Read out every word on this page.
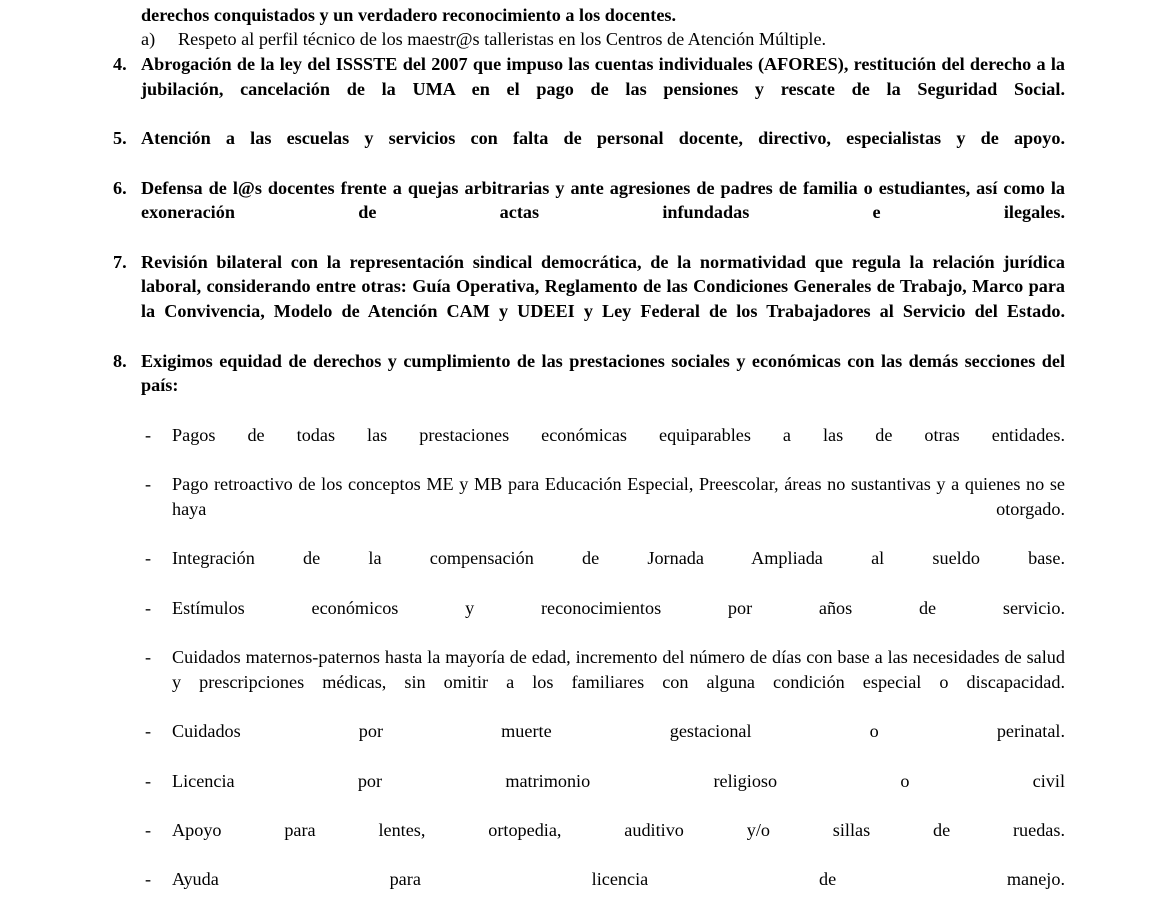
derechos conquistados y un verdadero reconocimiento a los docentes.
a)	Respeto al perfil técnico de los maestr@s talleristas en los Centros de Atención Múltiple.
4. Abrogación de la ley del ISSSTE del 2007 que impuso las cuentas individuales (AFORES), restitución del derecho a la jubilación, cancelación de la UMA en el pago de las pensiones y rescate de la Seguridad Social.
5. Atención a las escuelas y servicios con falta de personal docente, directivo, especialistas y de apoyo.
6. Defensa de l@s docentes frente a quejas arbitrarias y ante agresiones de padres de familia o estudiantes, así como la exoneración de actas infundadas e ilegales.
7. Revisión bilateral con la representación sindical democrática, de la normatividad que regula la relación jurídica laboral, considerando entre otras: Guía Operativa, Reglamento de las Condiciones Generales de Trabajo, Marco para la Convivencia, Modelo de Atención CAM y UDEEI y Ley Federal de los Trabajadores al Servicio del Estado.
8. Exigimos equidad de derechos y cumplimiento de las prestaciones sociales y económicas con las demás secciones del país:
-	Pagos de todas las prestaciones económicas equiparables a las de otras entidades.
-	Pago retroactivo de los conceptos ME y MB para Educación Especial, Preescolar, áreas no sustantivas y a quienes no se haya otorgado.
-	Integración de la compensación de Jornada Ampliada al sueldo base.
-	Estímulos económicos y reconocimientos por años de servicio.
-	Cuidados maternos-paternos hasta la mayoría de edad, incremento del número de días con base a las necesidades de salud y prescripciones médicas, sin omitir a los familiares con alguna condición especial o discapacidad.
-	Cuidados por muerte gestacional o perinatal.
-	Licencia por matrimonio religioso o civil
-	Apoyo para lentes, ortopedia, auditivo y/o sillas de ruedas.
-	Ayuda para licencia de manejo.
